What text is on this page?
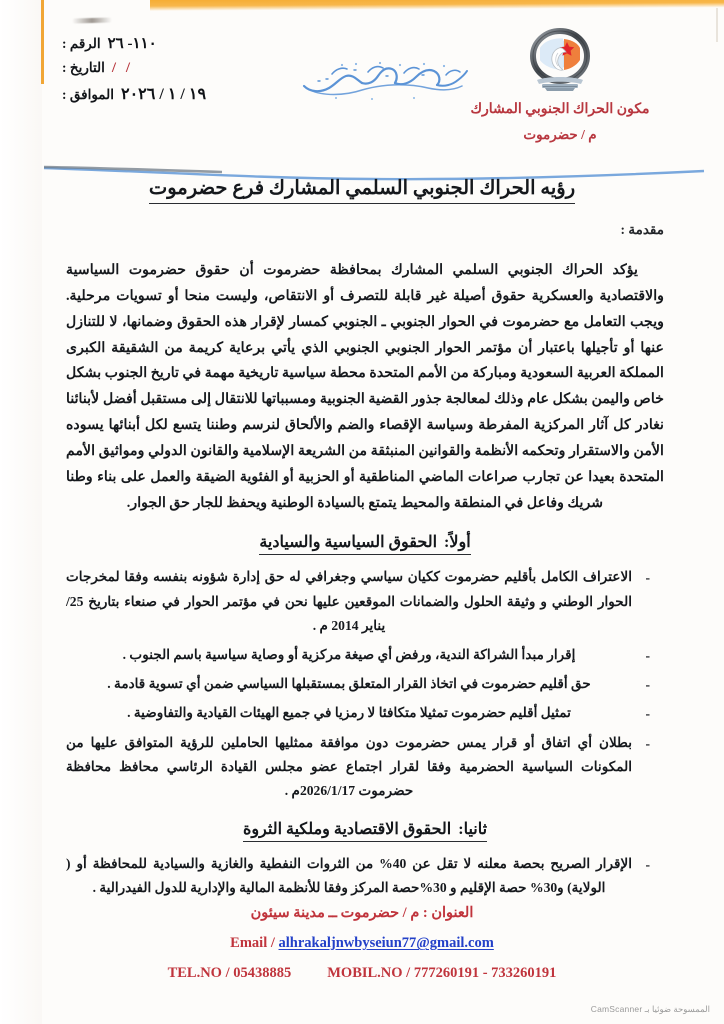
١١٠- ٢٦
الرقم :
/ /
التاريخ :
١٩ / ١ / ٢٠٢٦
الموافق :
مكون الحراك الجنوبي المشارك
م / حضرموت
رؤيه الحراك الجنوبي السلمي المشارك فرع حضرموت
مقدمة :

يؤكد الحراك الجنوبي السلمي المشارك بمحافظة حضرموت أن حقوق حضرموت السياسية والاقتصادية والعسكرية حقوق أصيلة غير قابلة للتصرف أو الانتقاص، وليست منحا أو تسويات مرحلية. ويجب التعامل مع حضرموت في الحوار الجنوبي ـ الجنوبي كمسار لإقرار هذه الحقوق وضمانها، لا للتنازل عنها أو تأجيلها باعتبار أن مؤتمر الحوار الجنوبي الجنوبي الذي يأتي برعاية كريمة من الشقيقة الكبرى المملكة العربية السعودية ومباركة من الأمم المتحدة محطة سياسية تاريخية مهمة في تاريخ الجنوب بشكل خاص واليمن بشكل عام وذلك لمعالجة جذور القضية الجنوبية ومسبباتها للانتقال إلى مستقبل أفضل لأبنائنا نغادر كل آثار المركزية المفرطة وسياسة الإقصاء والضم والألحاق لنرسم وطننا يتسع لكل أبنائها يسوده الأمن والاستقرار وتحكمه الأنظمة والقوانين المنبثقة من الشريعة الإسلامية والقانون الدولي ومواثيق الأمم المتحدة بعيدا عن تجارب صراعات الماضي المناطقية أو الحزبية أو الفئوية الضيقة والعمل على بناء وطنا شريك وفاعل في المنطقة والمحيط يتمتع بالسيادة الوطنية ويحفظ للجار حق الجوار.

أولاً: الحقوق السياسية والسيادية
- الاعتراف الكامل بأقليم حضرموت ككيان سياسي وجغرافي له حق إدارة شؤونه بنفسه وفقا لمخرجات الحوار الوطني و وثيقة الحلول والضمانات الموقعين عليها نحن في مؤتمر الحوار في صنعاء بتاريخ 25/يناير 2014 م .
- إقرار مبدأ الشراكة الندية، ورفض أي صيغة مركزية أو وصاية سياسية باسم الجنوب .
- حق أقليم حضرموت في اتخاذ القرار المتعلق بمستقبلها السياسي ضمن أي تسوية قادمة .
- تمثيل أقليم حضرموت تمثيلا متكافئا لا رمزيا في جميع الهيئات القيادية والتفاوضية .
- بطلان أي اتفاق أو قرار يمس حضرموت دون موافقة ممثليها الحاملين للرؤية المتوافق عليها من المكونات السياسية الحضرمية وفقا لقرار اجتماع عضو مجلس القيادة الرئاسي محافظ محافظة حضرموت 2026/1/17م .
ثانيا: الحقوق الاقتصادية وملكية الثروة
- الإقرار الصريح بحصة معلنه لا تقل عن 40% من الثروات النفطية والغازية والسيادية للمحافظة أو ( الولاية) و30% حصة الإقليم و 30%حصة المركز وفقا للأنظمة المالية والإدارية للدول الفيدرالية .
العنوان : م / حضرموت ــ مدينة سيئون
Email / alhrakaljnwbyseiun77@gmail.com
TEL.NO / 05438885 MOBIL.NO / 777260191 - 733260191
الممسوحة ضوئيا بـ CamScanner
